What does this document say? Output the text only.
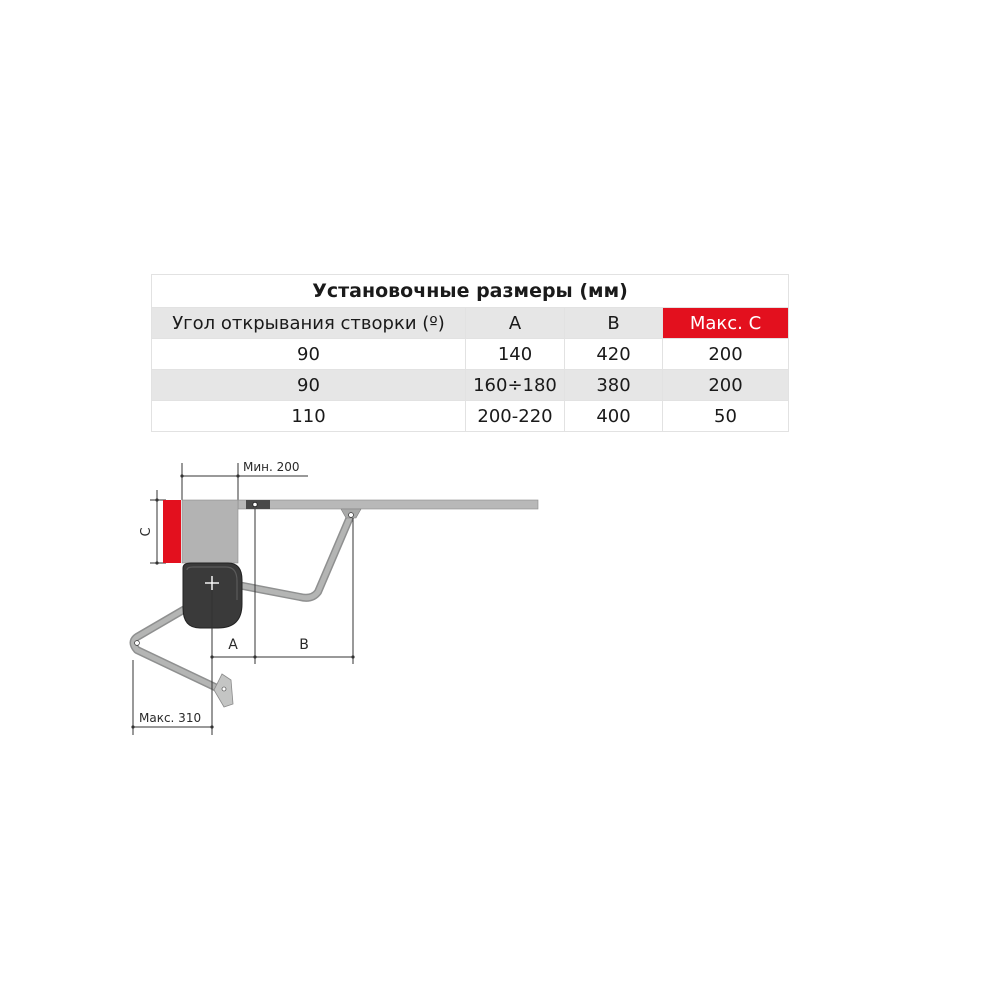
Установочные размеры (мм)			
Угол открывания створки (º)	A	B	Макс. C
90	140	420	200
90	160÷180	380	200
110	200-220	400	50
Мин. 200
C
A	B
Макс. 310
